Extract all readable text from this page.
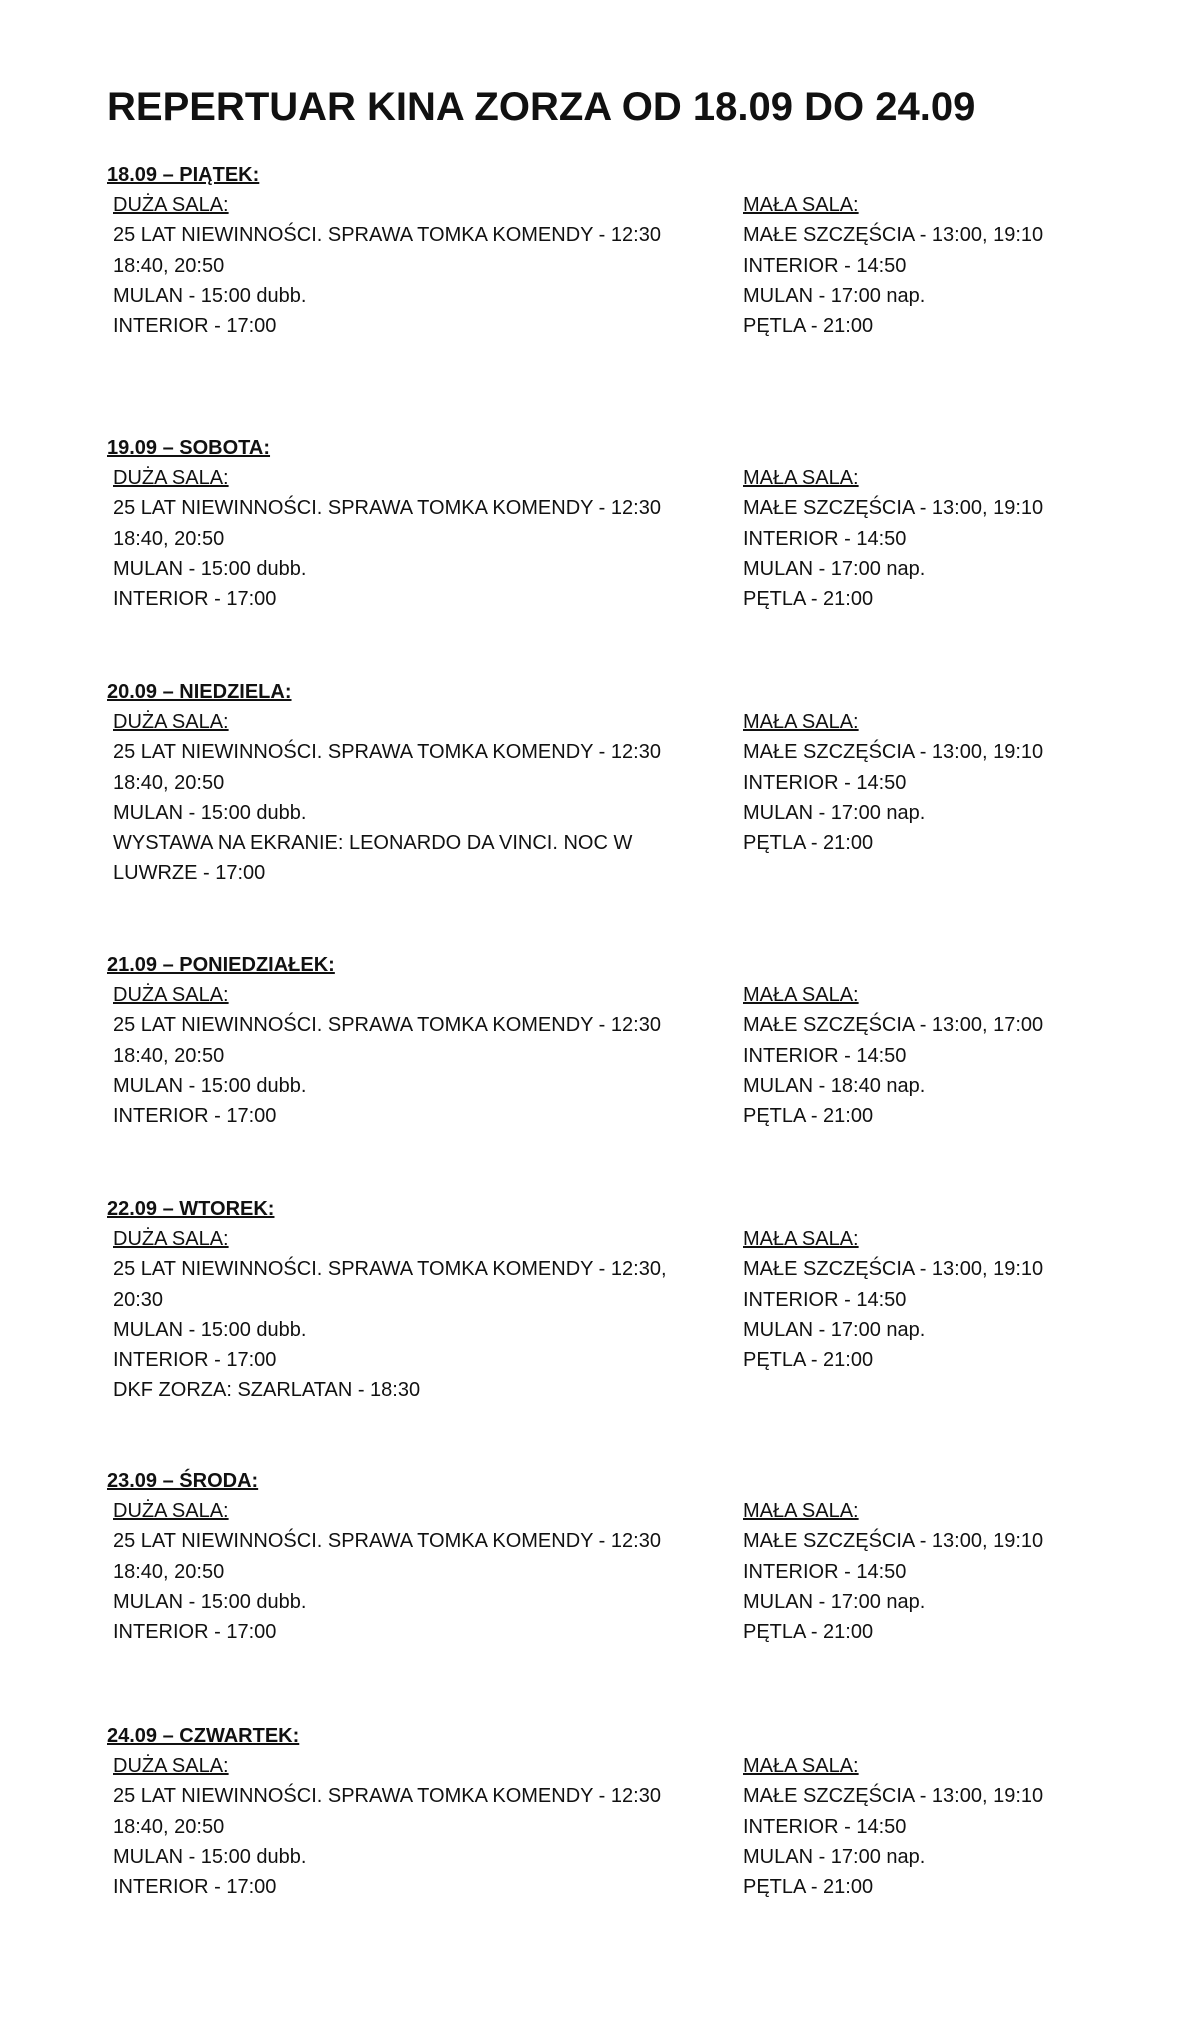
REPERTUAR KINA ZORZA OD 18.09 DO 24.09
18.09 – PIĄTEK:
DUŻA SALA:
25 LAT NIEWINNOŚCI. SPRAWA TOMKA KOMENDY - 12:30
18:40, 20:50
MULAN - 15:00 dubb.
INTERIOR - 17:00
MAŁA SALA:
MAŁE SZCZĘŚCIA - 13:00, 19:10
INTERIOR - 14:50
MULAN - 17:00 nap.
PĘTLA - 21:00
19.09 – SOBOTA:
DUŻA SALA:
25 LAT NIEWINNOŚCI. SPRAWA TOMKA KOMENDY - 12:30
18:40, 20:50
MULAN - 15:00 dubb.
INTERIOR - 17:00
MAŁA SALA:
MAŁE SZCZĘŚCIA - 13:00, 19:10
INTERIOR - 14:50
MULAN - 17:00 nap.
PĘTLA - 21:00
20.09 – NIEDZIELA:
DUŻA SALA:
25 LAT NIEWINNOŚCI. SPRAWA TOMKA KOMENDY - 12:30
18:40, 20:50
MULAN - 15:00 dubb.
WYSTAWA NA EKRANIE: LEONARDO DA VINCI. NOC W
LUWRZE - 17:00
MAŁA SALA:
MAŁE SZCZĘŚCIA - 13:00, 19:10
INTERIOR - 14:50
MULAN - 17:00 nap.
PĘTLA - 21:00
21.09 – PONIEDZIAŁEK:
DUŻA SALA:
25 LAT NIEWINNOŚCI. SPRAWA TOMKA KOMENDY - 12:30
18:40, 20:50
MULAN - 15:00 dubb.
INTERIOR - 17:00
MAŁA SALA:
MAŁE SZCZĘŚCIA - 13:00, 17:00
INTERIOR - 14:50
MULAN - 18:40 nap.
PĘTLA - 21:00
22.09 – WTOREK:
DUŻA SALA:
25 LAT NIEWINNOŚCI. SPRAWA TOMKA KOMENDY - 12:30,
20:30
MULAN - 15:00 dubb.
INTERIOR - 17:00
DKF ZORZA: SZARLATAN - 18:30
MAŁA SALA:
MAŁE SZCZĘŚCIA - 13:00, 19:10
INTERIOR - 14:50
MULAN - 17:00 nap.
PĘTLA - 21:00
23.09 – ŚRODA:
DUŻA SALA:
25 LAT NIEWINNOŚCI. SPRAWA TOMKA KOMENDY - 12:30
18:40, 20:50
MULAN - 15:00 dubb.
INTERIOR - 17:00
MAŁA SALA:
MAŁE SZCZĘŚCIA - 13:00, 19:10
INTERIOR - 14:50
MULAN - 17:00 nap.
PĘTLA - 21:00
24.09 – CZWARTEK:
DUŻA SALA:
25 LAT NIEWINNOŚCI. SPRAWA TOMKA KOMENDY - 12:30
18:40, 20:50
MULAN - 15:00 dubb.
INTERIOR - 17:00
MAŁA SALA:
MAŁE SZCZĘŚCIA - 13:00, 19:10
INTERIOR - 14:50
MULAN - 17:00 nap.
PĘTLA - 21:00
